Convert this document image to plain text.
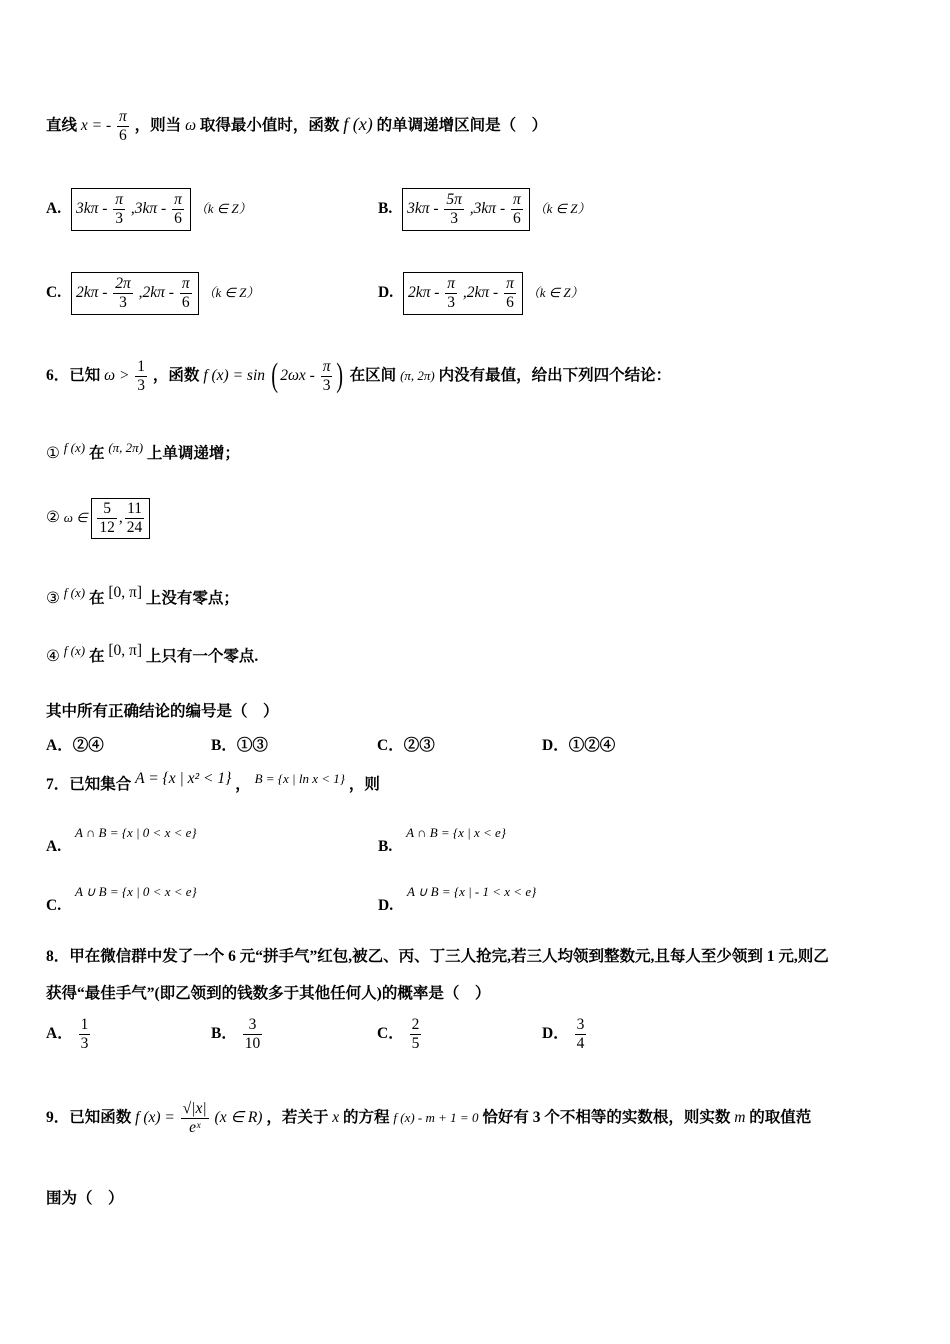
直线 x = - $\frac{\pi}{6}$ ，则当 ω 取得最小值时，函数 f (x) 的单调递增区间是（　）
A. $3k\pi - \frac{\pi}{3} ,3k\pi - \frac{\pi}{6} (k$ ∈ Z）	B. $3k\pi - \frac{5\pi}{3} ,3k\pi - \frac{\pi}{6} (k$ ∈ Z）
C. $2k\pi - \frac{2\pi}{3} ,2k\pi - \frac{\pi}{6} (k$ ∈ Z）	D. $2k\pi - \frac{\pi}{3} ,2k\pi - \frac{\pi}{6} (k$ ∈ Z）
6．已知 $\omega > \frac{1}{3}$ ，函数 f (x) = sin ( $2\omega x - \frac{\pi}{3}$ ) 在区间 (π, 2π) 内没有最值，给出下列四个结论：
① $^{f (x)}$ 在 $^{(\pi, 2\pi)}$ 上单调递增；
② ω ∈ $\frac{5}{12}$ , $\frac{11}{24}$
③ $^{f (x)}$ 在 [0, π] 上没有零点；
④ $^{f (x)}$ 在 [0, π] 上只有一个零点.
其中所有正确结论的编号是（　）
A．②④	B．①③	C．②③	D．①②④
7．已知集合 A = {x | x² < 1} ， $^{B = \{x | ln x < 1\}}$ ，则
A. A ∩ B = {x | 0 < x < e}
B. A ∩ B = {x | x < e}
C. A ∪ B = {x | 0 < x < e}
D. A ∪ B = {x | - 1 < x < e}
8．甲在微信群中发了一个 6 元“拼手气”红包,被乙、丙、丁三人抢完,若三人均领到整数元,且每人至少领到 1 元,则乙
获得“最佳手气”(即乙领到的钱数多于其他任何人)的概率是（　）
A． $\frac{1}{3}$	B． $\frac{3}{10}$	C． $\frac{2}{5}$	D． $\frac{3}{4}$
9．已知函数 f $(x) = \frac{√|x|}{\text{eˣ}} (x$ ∈ R) ，若关于 x 的方程 f (x) - m + 1 = 0 恰好有 3 个不相等的实数根，则实数 m 的取值范
围为（　）
